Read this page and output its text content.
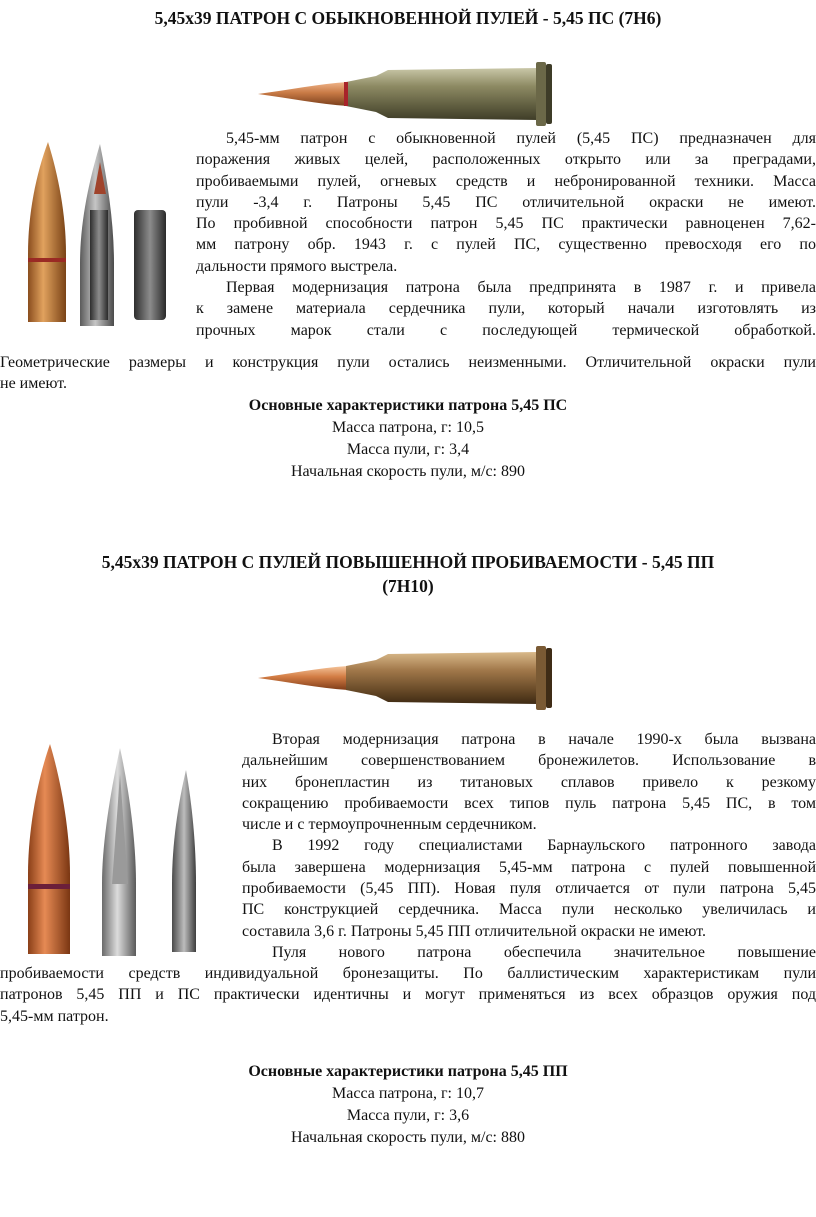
5,45x39 ПАТРОН С ОБЫКНОВЕННОЙ ПУЛЕЙ - 5,45 ПС (7Н6)
5,45-мм патрон с обыкновенной пулей (5,45 ПС) предназначен для
поражения живых целей, расположенных открыто или за преградами,
пробиваемыми пулей, огневых средств и небронированной техники. Масса
пули -3,4 г. Патроны 5,45 ПС отличительной окраски не имеют.
По пробивной способности патрон 5,45 ПС практически равноценен 7,62-
мм патрону обр. 1943 г. с пулей ПС, существенно превосходя его по
дальности прямого выстрела.
Первая модернизация патрона была предпринята в 1987 г. и привела
к замене материала сердечника пули, который начали изготовлять из
прочных марок стали с последующей термической обработкой.
Геометрические размеры и конструкция пули остались неизменными. Отличительной окраски пули
не имеют.
Основные характеристики патрона 5,45 ПС
Масса патрона, г: 10,5
Масса пули, г: 3,4
Начальная скорость пули, м/с: 890
5,45x39 ПАТРОН С ПУЛЕЙ ПОВЫШЕННОЙ ПРОБИВАЕМОСТИ - 5,45 ПП
(7Н10)
Вторая модернизация патрона в начале 1990-х была вызвана
дальнейшим совершенствованием бронежилетов. Использование в
них бронепластин из титановых сплавов привело к резкому
сокращению пробиваемости всех типов пуль патрона 5,45 ПС, в том
числе и с термоупрочненным сердечником.
В 1992 году специалистами Барнаульского патронного завода
была завершена модернизация 5,45-мм патрона с пулей повышенной
пробиваемости (5,45 ПП). Новая пуля отличается от пули патрона 5,45
ПС конструкцией сердечника. Масса пули несколько увеличилась и
составила 3,6 г. Патроны 5,45 ПП отличительной окраски не имеют.
Пуля нового патрона обеспечила значительное повышение
пробиваемости средств индивидуальной бронезащиты. По баллистическим характеристикам пули
патронов 5,45 ПП и ПС практически идентичны и могут применяться из всех образцов оружия под
5,45-мм патрон.
Основные характеристики патрона 5,45 ПП
Масса патрона, г: 10,7
Масса пули, г: 3,6
Начальная скорость пули, м/с: 880
